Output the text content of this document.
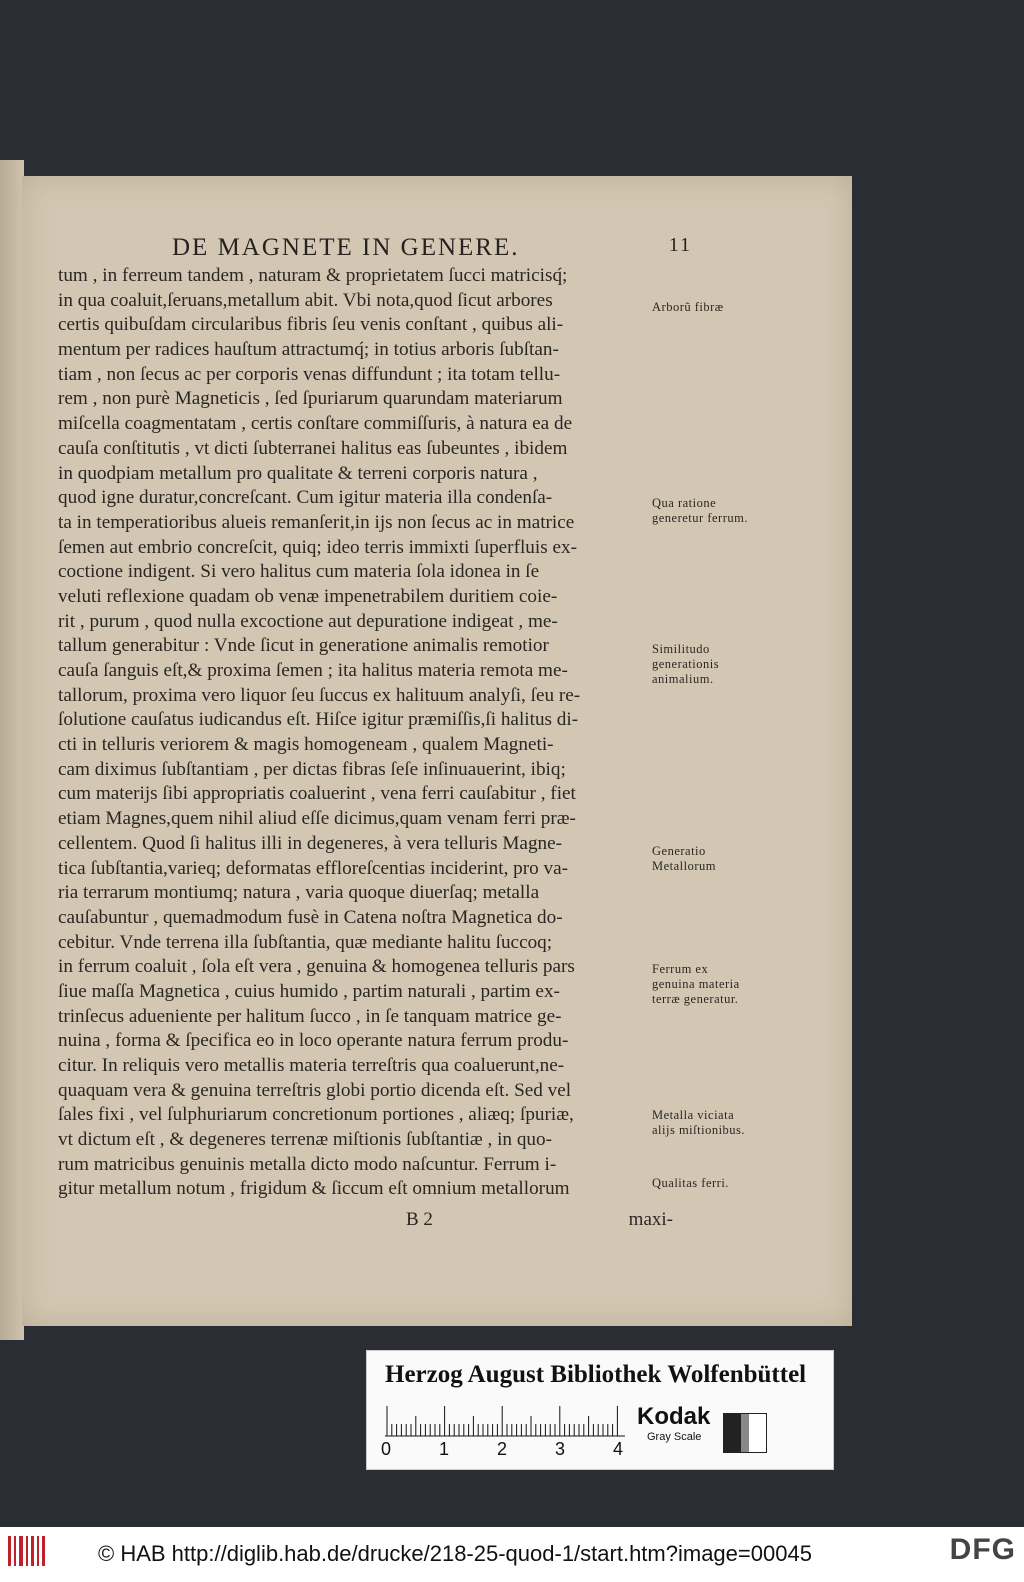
DE MAGNETE IN GENERE.	11
tum , in ferreum tandem , naturam & proprietatem ſucci matricisq́;
in qua coaluit,ſeruans,metallum abit. Vbi nota,quod ſicut arbores
certis quibuſdam circularibus fibris ſeu venis conſtant , quibus ali-
mentum per radices hauſtum attractumq́; in totius arboris ſubſtan-
tiam , non ſecus ac per corporis venas diffundunt ; ita totam tellu-
rem , non purè Magneticis , ſed ſpuriarum quarundam materiarum
miſcella coagmentatam , certis conſtare commiſſuris, à natura ea de
cauſa conſtitutis , vt dicti ſubterranei halitus eas ſubeuntes , ibidem
in quodpiam metallum pro qualitate & terreni corporis natura ,
quod igne duratur,concreſcant. Cum igitur materia illa condenſa-
ta in temperatioribus alueis remanſerit,in ijs non ſecus ac in matrice
ſemen aut embrio concreſcit, quiq; ideo terris immixti ſuperfluis ex-
coctione indigent. Si vero halitus cum materia ſola idonea in ſe
veluti reflexione quadam ob venæ impenetrabilem duritiem coie-
rit , purum , quod nulla excoctione aut depuratione indigeat , me-
tallum generabitur : Vnde ſicut in generatione animalis remotior
cauſa ſanguis eſt,& proxima ſemen ; ita halitus materia remota me-
tallorum, proxima vero liquor ſeu ſuccus ex halituum analyſi, ſeu re-
ſolutione cauſatus iudicandus eſt. Hiſce igitur præmiſſis,ſi halitus di-
cti in telluris veriorem & magis homogeneam , qualem Magneti-
cam diximus ſubſtantiam , per dictas fibras ſeſe inſinuauerint, ibiq;
cum materijs ſibi appropriatis coaluerint , vena ferri cauſabitur , fiet
etiam Magnes,quem nihil aliud eſſe dicimus,quam venam ferri præ-
cellentem. Quod ſi halitus illi in degeneres, à vera telluris Magne-
tica ſubſtantia,varieq; deformatas effloreſcentias inciderint, pro va-
ria terrarum montiumq; natura , varia quoque diuerſaq; metalla
cauſabuntur , quemadmodum fusè in Catena noſtra Magnetica do-
cebitur. Vnde terrena illa ſubſtantia, quæ mediante halitu ſuccoq;
in ferrum coaluit , ſola eſt vera , genuina & homogenea telluris pars
ſiue maſſa Magnetica , cuius humido , partim naturali , partim ex-
trinſecus adueniente per halitum ſucco , in ſe tanquam matrice ge-
nuina , forma & ſpecifica eo in loco operante natura ferrum produ-
citur. In reliquis vero metallis materia terreſtris qua coaluerunt,ne-
quaquam vera & genuina terreſtris globi portio dicenda eſt. Sed vel
ſales fixi , vel ſulphuriarum concretionum portiones , aliæq; ſpuriæ,
vt dictum eſt , & degeneres terrenæ miſtionis ſubſtantiæ , in quo-
rum matricibus genuinis metalla dicto modo naſcuntur. Ferrum i-
gitur metallum notum , frigidum & ſiccum eſt omnium metallorum
Arborũ fibræ
Qua ratione generetur ferrum.
Similitudo generationis animalium.
Generatio Metallorum
Ferrum ex genuina materia terræ generatur.
Metalla viciata alijs miſtionibus.
Qualitas ferri.
B 2	maxi-
Herzog August Bibliothek Wolfenbüttel
0	1	2	3	4
Kodak
Gray Scale
© HAB http://diglib.hab.de/drucke/218-25-quod-1/start.htm?image=00045	DFG
